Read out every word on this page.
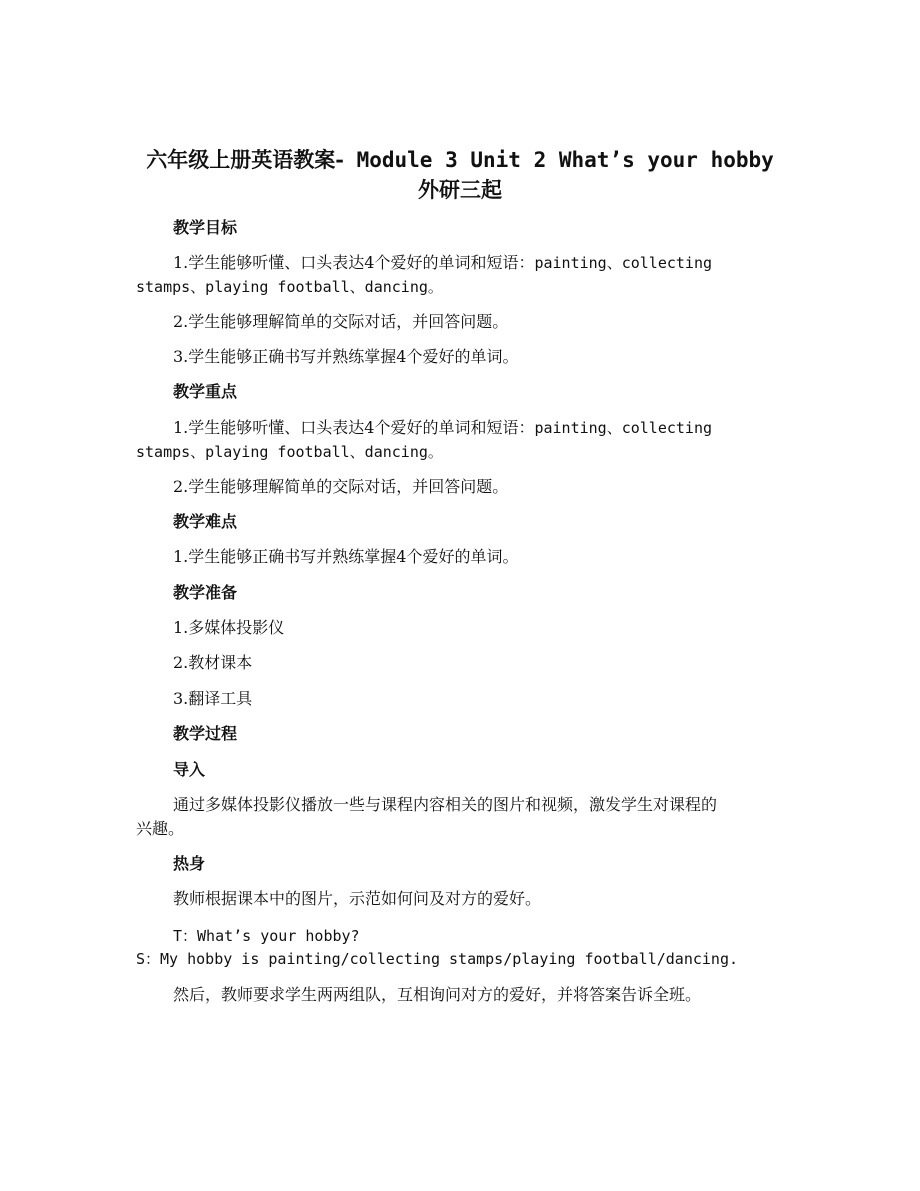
六年级上册英语教案- Module 3 Unit 2 What’s your hobby
外研三起
教学目标
1.学生能够听懂、口头表达4个爱好的单词和短语：painting、collecting
stamps、playing football、dancing。
2.学生能够理解简单的交际对话，并回答问题。
3.学生能够正确书写并熟练掌握4个爱好的单词。
教学重点
1.学生能够听懂、口头表达4个爱好的单词和短语：painting、collecting
stamps、playing football、dancing。
2.学生能够理解简单的交际对话，并回答问题。
教学难点
1.学生能够正确书写并熟练掌握4个爱好的单词。
教学准备
1.多媒体投影仪
2.教材课本
3.翻译工具
教学过程
导入
通过多媒体投影仪播放一些与课程内容相关的图片和视频，激发学生对课程的
兴趣。
热身
教师根据课本中的图片，示范如何问及对方的爱好。
T：What’s your hobby?
S：My hobby is painting/collecting stamps/playing football/dancing.
然后，教师要求学生两两组队，互相询问对方的爱好，并将答案告诉全班。
